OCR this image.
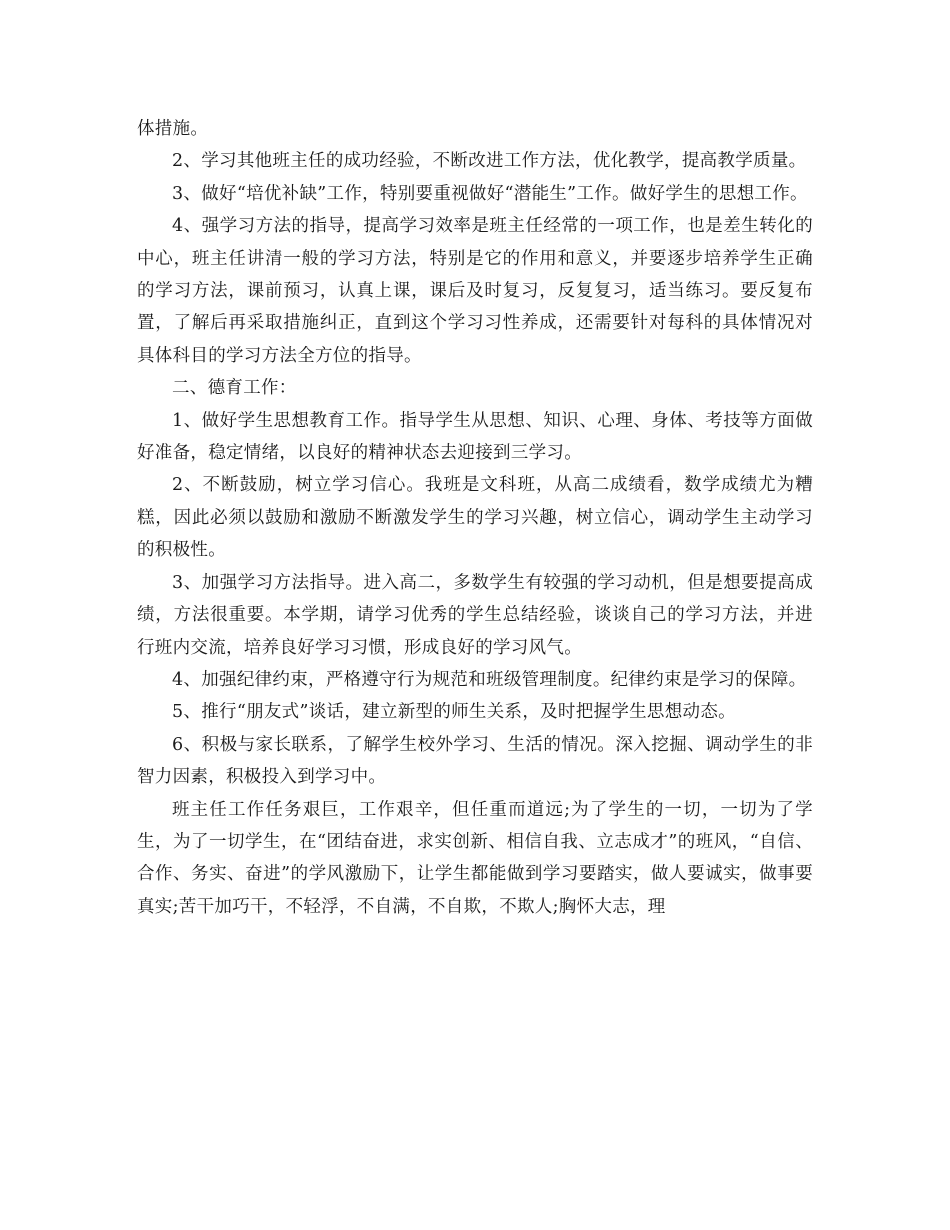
体措施。

2、学习其他班主任的成功经验，不断改进工作方法，优化教学，提高教学质量。

3、做好“培优补缺”工作，特别要重视做好“潜能生”工作。做好学生的思想工作。

4、强学习方法的指导，提高学习效率是班主任经常的一项工作，也是差生转化的中心，班主任讲清一般的学习方法，特别是它的作用和意义，并要逐步培养学生正确的学习方法，课前预习，认真上课，课后及时复习，反复复习，适当练习。要反复布置，了解后再采取措施纠正，直到这个学习习性养成，还需要针对每科的具体情况对具体科目的学习方法全方位的指导。

二、德育工作：

1、做好学生思想教育工作。指导学生从思想、知识、心理、身体、考技等方面做好准备，稳定情绪，以良好的精神状态去迎接到三学习。

2、不断鼓励，树立学习信心。我班是文科班，从高二成绩看，数学成绩尤为糟糕，因此必须以鼓励和激励不断激发学生的学习兴趣，树立信心，调动学生主动学习的积极性。

3、加强学习方法指导。进入高二，多数学生有较强的学习动机，但是想要提高成绩，方法很重要。本学期，请学习优秀的学生总结经验，谈谈自己的学习方法，并进行班内交流，培养良好学习习惯，形成良好的学习风气。

4、加强纪律约束，严格遵守行为规范和班级管理制度。纪律约束是学习的保障。

5、推行“朋友式”谈话，建立新型的师生关系，及时把握学生思想动态。

6、积极与家长联系，了解学生校外学习、生活的情况。深入挖掘、调动学生的非智力因素，积极投入到学习中。

班主任工作任务艰巨，工作艰辛，但任重而道远;为了学生的一切，一切为了学生，为了一切学生，在“团结奋进，求实创新、相信自我、立志成才”的班风，“自信、合作、务实、奋进”的学风激励下，让学生都能做到学习要踏实，做人要诚实，做事要真实;苦干加巧干，不轻浮，不自满，不自欺，不欺人;胸怀大志，理
